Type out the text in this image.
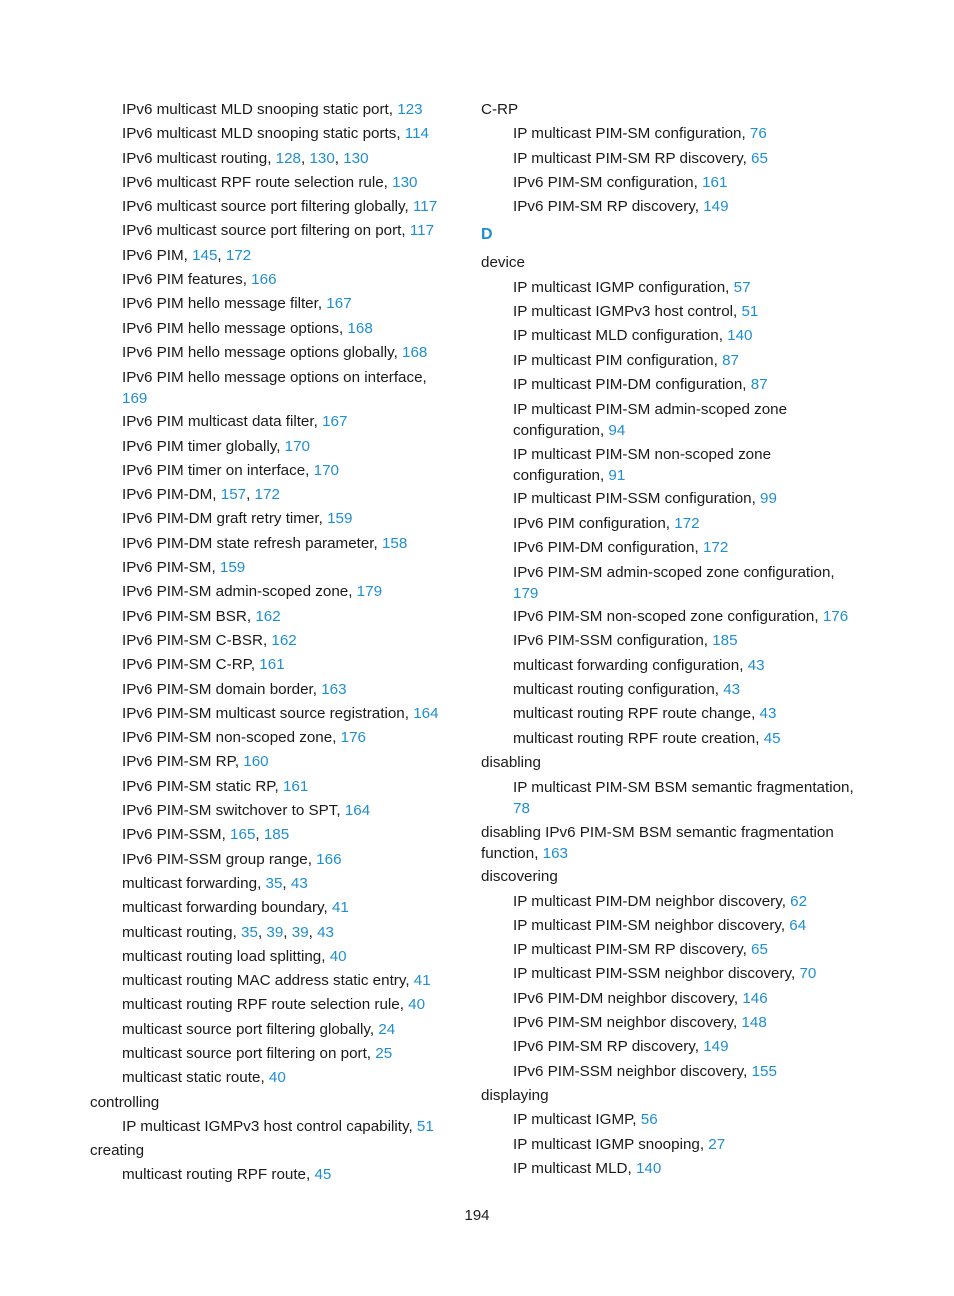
IPv6 multicast MLD snooping static port, 123
IPv6 multicast MLD snooping static ports, 114
IPv6 multicast routing, 128, 130, 130
IPv6 multicast RPF route selection rule, 130
IPv6 multicast source port filtering globally, 117
IPv6 multicast source port filtering on port, 117
IPv6 PIM, 145, 172
IPv6 PIM features, 166
IPv6 PIM hello message filter, 167
IPv6 PIM hello message options, 168
IPv6 PIM hello message options globally, 168
IPv6 PIM hello message options on interface, 169
IPv6 PIM multicast data filter, 167
IPv6 PIM timer globally, 170
IPv6 PIM timer on interface, 170
IPv6 PIM-DM, 157, 172
IPv6 PIM-DM graft retry timer, 159
IPv6 PIM-DM state refresh parameter, 158
IPv6 PIM-SM, 159
IPv6 PIM-SM admin-scoped zone, 179
IPv6 PIM-SM BSR, 162
IPv6 PIM-SM C-BSR, 162
IPv6 PIM-SM C-RP, 161
IPv6 PIM-SM domain border, 163
IPv6 PIM-SM multicast source registration, 164
IPv6 PIM-SM non-scoped zone, 176
IPv6 PIM-SM RP, 160
IPv6 PIM-SM static RP, 161
IPv6 PIM-SM switchover to SPT, 164
IPv6 PIM-SSM, 165, 185
IPv6 PIM-SSM group range, 166
multicast forwarding, 35, 43
multicast forwarding boundary, 41
multicast routing, 35, 39, 39, 43
multicast routing load splitting, 40
multicast routing MAC address static entry, 41
multicast routing RPF route selection rule, 40
multicast source port filtering globally, 24
multicast source port filtering on port, 25
multicast static route, 40
controlling
IP multicast IGMPv3 host control capability, 51
creating
multicast routing RPF route, 45
C-RP
IP multicast PIM-SM configuration, 76
IP multicast PIM-SM RP discovery, 65
IPv6 PIM-SM configuration, 161
IPv6 PIM-SM RP discovery, 149
D
device
IP multicast IGMP configuration, 57
IP multicast IGMPv3 host control, 51
IP multicast MLD configuration, 140
IP multicast PIM configuration, 87
IP multicast PIM-DM configuration, 87
IP multicast PIM-SM admin-scoped zone configuration, 94
IP multicast PIM-SM non-scoped zone configuration, 91
IP multicast PIM-SSM configuration, 99
IPv6 PIM configuration, 172
IPv6 PIM-DM configuration, 172
IPv6 PIM-SM admin-scoped zone configuration, 179
IPv6 PIM-SM non-scoped zone configuration, 176
IPv6 PIM-SSM configuration, 185
multicast forwarding configuration, 43
multicast routing configuration, 43
multicast routing RPF route change, 43
multicast routing RPF route creation, 45
disabling
IP multicast PIM-SM BSM semantic fragmentation, 78
disabling IPv6 PIM-SM BSM semantic fragmentation function, 163
discovering
IP multicast PIM-DM neighbor discovery, 62
IP multicast PIM-SM neighbor discovery, 64
IP multicast PIM-SM RP discovery, 65
IP multicast PIM-SSM neighbor discovery, 70
IPv6 PIM-DM neighbor discovery, 146
IPv6 PIM-SM neighbor discovery, 148
IPv6 PIM-SM RP discovery, 149
IPv6 PIM-SSM neighbor discovery, 155
displaying
IP multicast IGMP, 56
IP multicast IGMP snooping, 27
IP multicast MLD, 140
194
